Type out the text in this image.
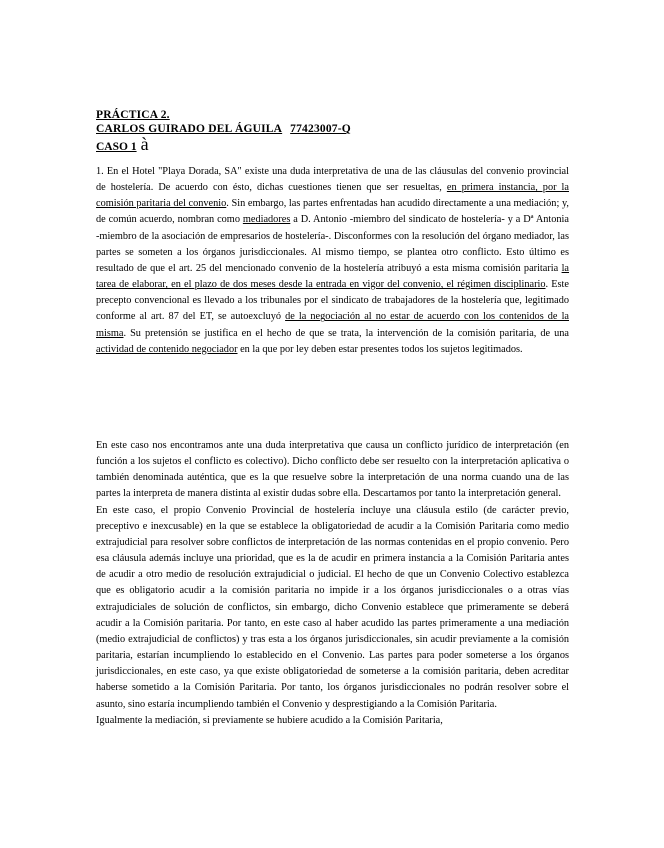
PRÁCTICA 2.
CARLOS GUIRADO DEL ÁGUILA 77423007-Q
CASO 1 à

1. En el Hotel "Playa Dorada, SA" existe una duda interpretativa de una de las cláusulas del convenio provincial de hostelería. De acuerdo con ésto, dichas cuestiones tienen que ser resueltas, en primera instancia, por la comisión paritaria del convenio. Sin embargo, las partes enfrentadas han acudido directamente a una mediación; y, de común acuerdo, nombran como mediadores a D. Antonio -miembro del sindicato de hostelería- y a Dª Antonia -miembro de la asociación de empresarios de hostelería-. Disconformes con la resolución del órgano mediador, las partes se someten a los órganos jurisdiccionales. Al mismo tiempo, se plantea otro conflicto. Esto último es resultado de que el art. 25 del mencionado convenio de la hostelería atribuyó a esta misma comisión paritaria la tarea de elaborar, en el plazo de dos meses desde la entrada en vigor del convenio, el régimen disciplinario. Este precepto convencional es llevado a los tribunales por el sindicato de trabajadores de la hostelería que, legitimado conforme al art. 87 del ET, se autoexcluyó de la negociación al no estar de acuerdo con los contenidos de la misma. Su pretensión se justifica en el hecho de que se trata, la intervención de la comisión paritaria, de una actividad de contenido negociador en la que por ley deben estar presentes todos los sujetos legitimados.

En este caso nos encontramos ante una duda interpretativa que causa un conflicto jurídico de interpretación (en función a los sujetos el conflicto es colectivo). Dicho conflicto debe ser resuelto con la interpretación aplicativa o también denominada auténtica, que es la que resuelve sobre la interpretación de una norma cuando una de las partes la interpreta de manera distinta al existir dudas sobre ella. Descartamos por tanto la interpretación general.

En este caso, el propio Convenio Provincial de hostelería incluye una cláusula estilo (de carácter previo, preceptivo e inexcusable) en la que se establece la obligatoriedad de acudir a la Comisión Paritaria como medio extrajudicial para resolver sobre conflictos de interpretación de las normas contenidas en el propio convenio. Pero esa cláusula además incluye una prioridad, que es la de acudir en primera instancia a la Comisión Paritaria antes de acudir a otro medio de resolución extrajudicial o judicial. El hecho de que un Convenio Colectivo establezca que es obligatorio acudir a la comisión paritaria no impide ir a los órganos jurisdiccionales o a otras vías extrajudiciales de solución de conflictos, sin embargo, dicho Convenio establece que primeramente se deberá acudir a la Comisión paritaria. Por tanto, en este caso al haber acudido las partes primeramente a una mediación (medio extrajudicial de conflictos) y tras esta a los órganos jurisdiccionales, sin acudir previamente a la comisión paritaria, estarían incumpliendo lo establecido en el Convenio. Las partes para poder someterse a los órganos jurisdiccionales, en este caso, ya que existe obligatoriedad de someterse a la comisión paritaria, deben acreditar haberse sometido a la Comisión Paritaria. Por tanto, los órganos jurisdiccionales no podrán resolver sobre el asunto, sino estaría incumpliendo también el Convenio y desprestigiando a la Comisión Paritaria.

Igualmente la mediación, si previamente se hubiere acudido a la Comisión Paritaria,
